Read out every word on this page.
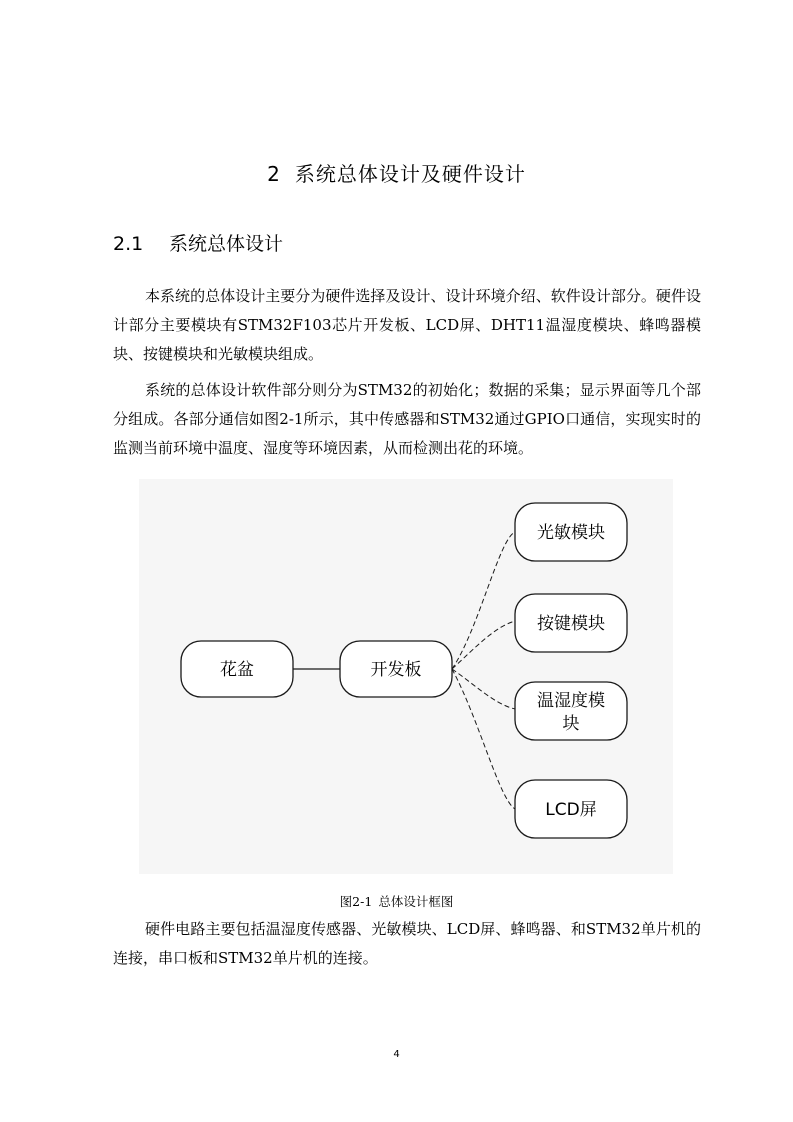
2 系统总体设计及硬件设计
2.1 系统总体设计

本系统的总体设计主要分为硬件选择及设计、设计环境介绍、软件设计部分。硬件设计部分主要模块有STM32F103芯片开发板、LCD屏、DHT11温湿度模块、蜂鸣器模块、按键模块和光敏模块组成。

系统的总体设计软件部分则分为STM32的初始化；数据的采集；显示界面等几个部分组成。各部分通信如图2-1所示，其中传感器和STM32通过GPIO口通信，实现实时的监测当前环境中温度、湿度等环境因素，从而检测出花的环境。

花盆	开发板
光敏模块
按键模块
温湿度模
块
LCD屏
图2-1 总体设计框图

硬件电路主要包括温湿度传感器、光敏模块、LCD屏、蜂鸣器、和STM32单片机的连接，串口板和STM32单片机的连接。

4
